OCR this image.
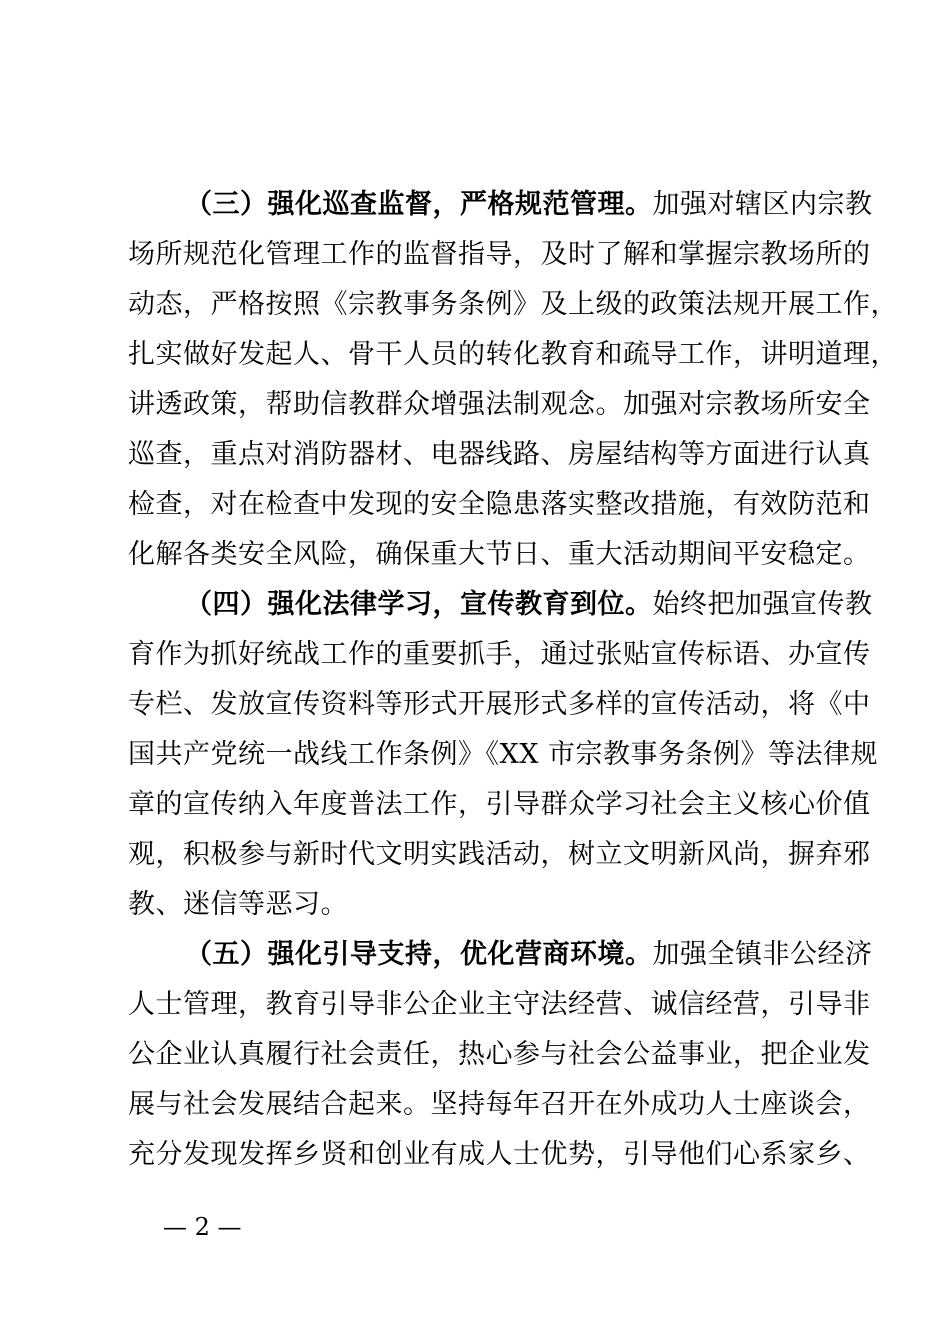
（三）强化巡查监督，严格规范管理。加强对辖区内宗教
场所规范化管理工作的监督指导，及时了解和掌握宗教场所的
动态，严格按照《宗教事务条例》及上级的政策法规开展工作，
扎实做好发起人、骨干人员的转化教育和疏导工作，讲明道理，
讲透政策，帮助信教群众增强法制观念。加强对宗教场所安全
巡查，重点对消防器材、电器线路、房屋结构等方面进行认真
检查，对在检查中发现的安全隐患落实整改措施，有效防范和
化解各类安全风险，确保重大节日、重大活动期间平安稳定。
（四）强化法律学习，宣传教育到位。始终把加强宣传教
育作为抓好统战工作的重要抓手，通过张贴宣传标语、办宣传
专栏、发放宣传资料等形式开展形式多样的宣传活动，将《中
国共产党统一战线工作条例》《XX 市宗教事务条例》等法律规
章的宣传纳入年度普法工作，引导群众学习社会主义核心价值
观，积极参与新时代文明实践活动，树立文明新风尚，摒弃邪
教、迷信等恶习。
（五）强化引导支持，优化营商环境。加强全镇非公经济
人士管理，教育引导非公企业主守法经营、诚信经营，引导非
公企业认真履行社会责任，热心参与社会公益事业，把企业发
展与社会发展结合起来。坚持每年召开在外成功人士座谈会，
充分发现发挥乡贤和创业有成人士优势，引导他们心系家乡、
— 2 —
